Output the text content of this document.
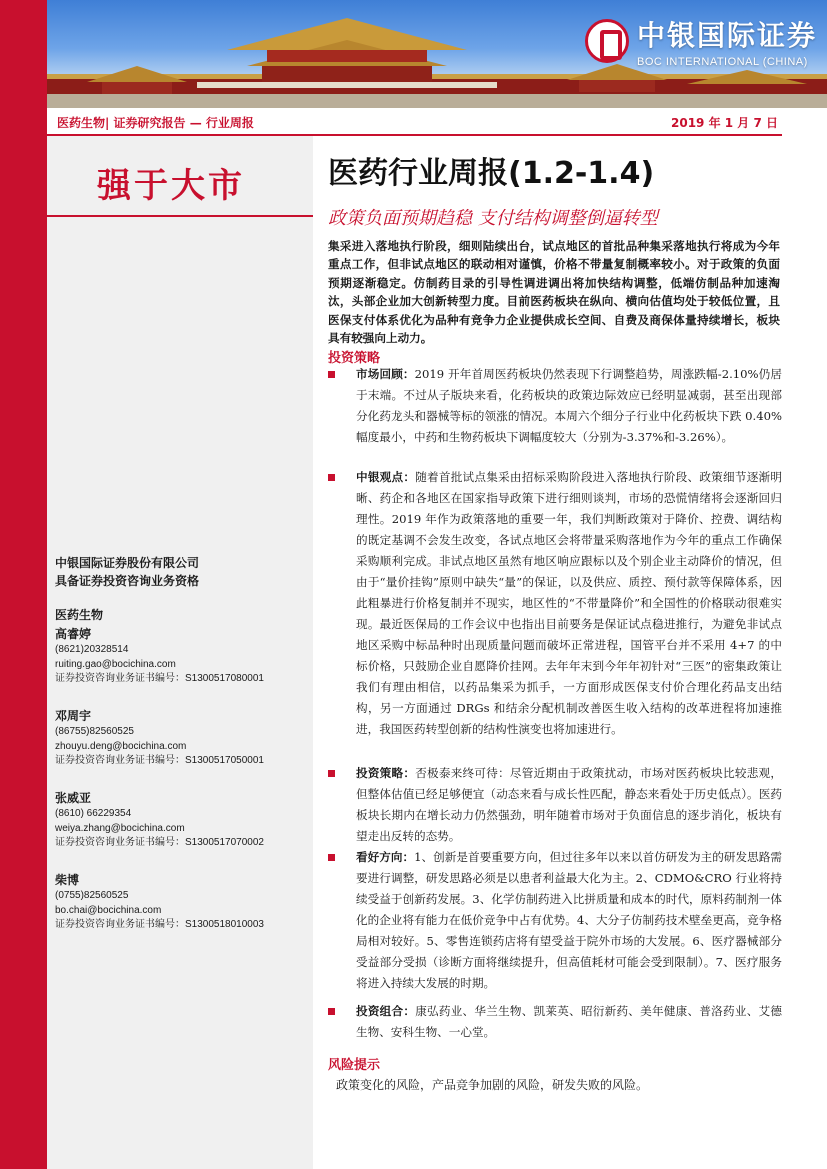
中银国际证券
BOC INTERNATIONAL (CHINA)
医药生物| 证券研究报告 — 行业周报	2019 年 1 月 7 日
强于大市
中银国际证券股份有限公司
具备证券投资咨询业务资格
医药生物
高睿婷
(8621)20328514
ruiting.gao@bocichina.com
证券投资咨询业务证书编号：S1300517080001
邓周宇
(86755)82560525
zhouyu.deng@bocichina.com
证券投资咨询业务证书编号：S1300517050001
张威亚
(8610) 66229354
weiya.zhang@bocichina.com
证券投资咨询业务证书编号：S1300517070002
柴博
(0755)82560525
bo.chai@bocichina.com
证券投资咨询业务证书编号：S1300518010003
医药行业周报(1.2-1.4)
政策负面预期趋稳 支付结构调整倒逼转型
集采进入落地执行阶段，细则陆续出台，试点地区的首批品种集采落地执行将成为今年重点工作，但非试点地区的联动相对谨慎，价格不带量复制概率较小。对于政策的负面预期逐渐稳定。仿制药目录的引导性调进调出将加快结构调整，低端仿制品种加速淘汰，头部企业加大创新转型力度。目前医药板块在纵向、横向估值均处于较低位置，且医保支付体系优化为品种有竞争力企业提供成长空间、自费及商保体量持续增长，板块具有较强向上动力。
投资策略
市场回顾：2019 开年首周医药板块仍然表现下行调整趋势，周涨跌幅-2.10%仍居于末端。不过从子版块来看，化药板块的政策边际效应已经明显减弱，甚至出现部分化药龙头和器械等标的领涨的情况。本周六个细分子行业中化药板块下跌 0.40%幅度最小，中药和生物药板块下调幅度较大（分别为-3.37%和-3.26%）。
中银观点：随着首批试点集采由招标采购阶段进入落地执行阶段、政策细节逐渐明晰、药企和各地区在国家指导政策下进行细则谈判，市场的恐慌情绪将会逐渐回归理性。2019 年作为政策落地的重要一年，我们判断政策对于降价、控费、调结构的既定基调不会发生改变，各试点地区会将带量采购落地作为今年的重点工作确保采购顺利完成。非试点地区虽然有地区响应跟标以及个别企业主动降价的情况，但由于“量价挂钩”原则中缺失“量”的保证，以及供应、质控、预付款等保障体系，因此粗暴进行价格复制并不现实，地区性的“不带量降价”和全国性的价格联动很难实现。最近医保局的工作会议中也指出目前要务是保证试点稳进推行，为避免非试点地区采购中标品种时出现质量问题而破坏正常进程，国管平台并不采用 4+7 的中标价格，只鼓励企业自愿降价挂网。去年年末到今年年初针对“三医”的密集政策让我们有理由相信，以药品集采为抓手，一方面形成医保支付价合理化药品支出结构，另一方面通过 DRGs 和结余分配机制改善医生收入结构的改革进程将加速推进，我国医药转型创新的结构性演变也将加速进行。
投资策略：否极泰来终可待：尽管近期由于政策扰动，市场对医药板块比较悲观，但整体估值已经足够便宜（动态来看与成长性匹配，静态来看处于历史低点）。医药板块长期内在增长动力仍然强劲，明年随着市场对于负面信息的逐步消化，板块有望走出反转的态势。
看好方向：1、创新是首要重要方向，但过往多年以来以首仿研发为主的研发思路需要进行调整，研发思路必须是以患者利益最大化为主。2、CDMO&CRO 行业将持续受益于创新药发展。3、化学仿制药进入比拼质量和成本的时代，原料药制剂一体化的企业将有能力在低价竞争中占有优势。4、大分子仿制药技术壁垒更高，竞争格局相对较好。5、零售连锁药店将有望受益于院外市场的大发展。6、医疗器械部分受益部分受损（诊断方面将继续提升，但高值耗材可能会受到限制）。7、医疗服务将进入持续大发展的时期。
投资组合：康弘药业、华兰生物、凯莱英、昭衍新药、美年健康、普洛药业、艾德生物、安科生物、一心堂。
风险提示
政策变化的风险，产品竞争加剧的风险，研发失败的风险。
